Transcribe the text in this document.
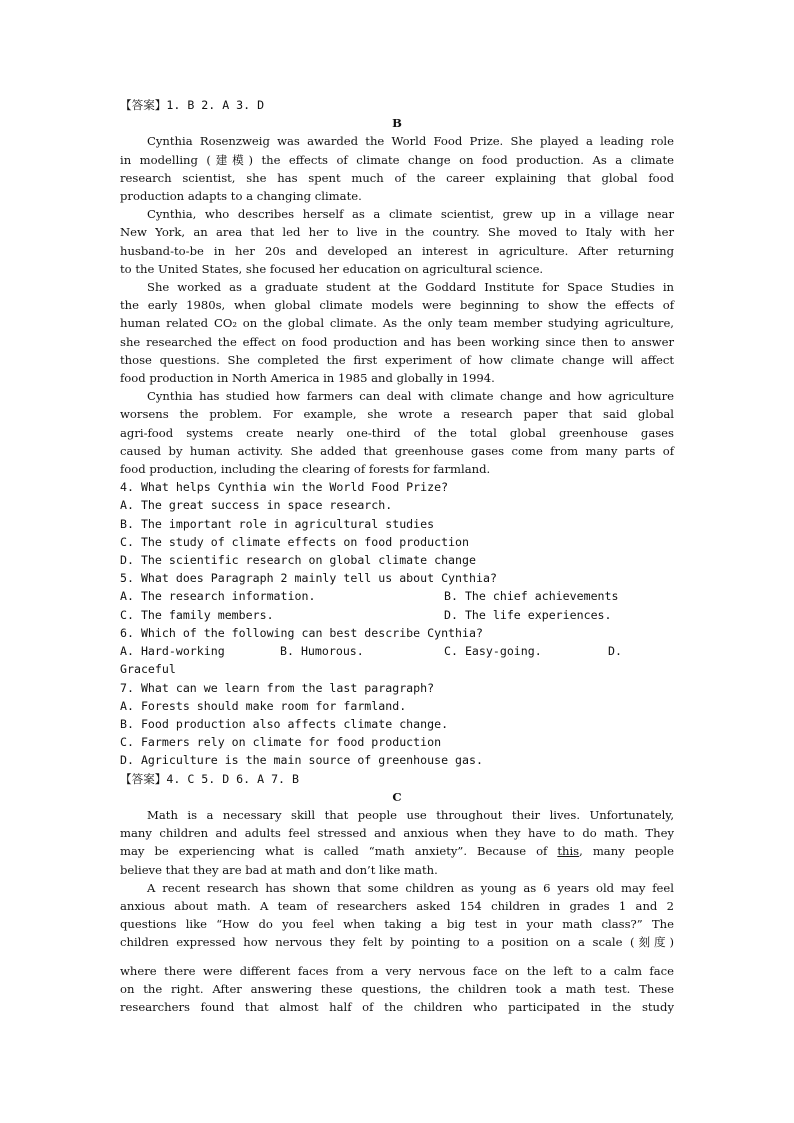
【答案】1. B 2. A 3. D
B
Cynthia Rosenzweig was awarded the World Food Prize. She played a leading role
in modelling (建模) the effects of climate change on food production. As a climate
research scientist, she has spent much of the career explaining that global food
production adapts to a changing climate.
Cynthia, who describes herself as a climate scientist, grew up in a village near
New York, an area that led her to live in the country. She moved to Italy with her
husband-to-be in her 20s and developed an interest in agriculture. After returning
to the United States, she focused her education on agricultural science.
She worked as a graduate student at the Goddard Institute for Space Studies in
the early 1980s, when global climate models were beginning to show the effects of
human related CO₂ on the global climate. As the only team member studying agriculture,
she researched the effect on food production and has been working since then to answer
those questions. She completed the first experiment of how climate change will affect
food production in North America in 1985 and globally in 1994.
Cynthia has studied how farmers can deal with climate change and how agriculture
worsens the problem. For example, she wrote a research paper that said global
agri-food systems create nearly one-third of the total global greenhouse gases
caused by human activity. She added that greenhouse gases come from many parts of
food production, including the clearing of forests for farmland.
4. What helps Cynthia win the World Food Prize?
A. The great success in space research.
B. The important role in agricultural studies
C. The study of climate effects on food production
D. The scientific research on global climate change
5. What does Paragraph 2 mainly tell us about Cynthia?
A. The research information.	B. The chief achievements
C. The family members.	D. The life experiences.
6. Which of the following can best describe Cynthia?
A. Hard-working	B. Humorous.	C. Easy-going.	D.
Graceful
7. What can we learn from the last paragraph?
A. Forests should make room for farmland.
B. Food production also affects climate change.
C. Farmers rely on climate for food production
D. Agriculture is the main source of greenhouse gas.
【答案】4. C 5. D 6. A 7. B
C
Math is a necessary skill that people use throughout their lives. Unfortunately,
many children and adults feel stressed and anxious when they have to do math. They
may be experiencing what is called “math anxiety”. Because of this, many people
believe that they are bad at math and don’t like math.
A recent research has shown that some children as young as 6 years old may feel
anxious about math. A team of researchers asked 154 children in grades 1 and 2
questions like “How do you feel when taking a big test in your math class?” The
children expressed how nervous they felt by pointing to a position on a scale (刻度)
where there were different faces from a very nervous face on the left to a calm face
on the right. After answering these questions, the children took a math test. These
researchers found that almost half of the children who participated in the study
